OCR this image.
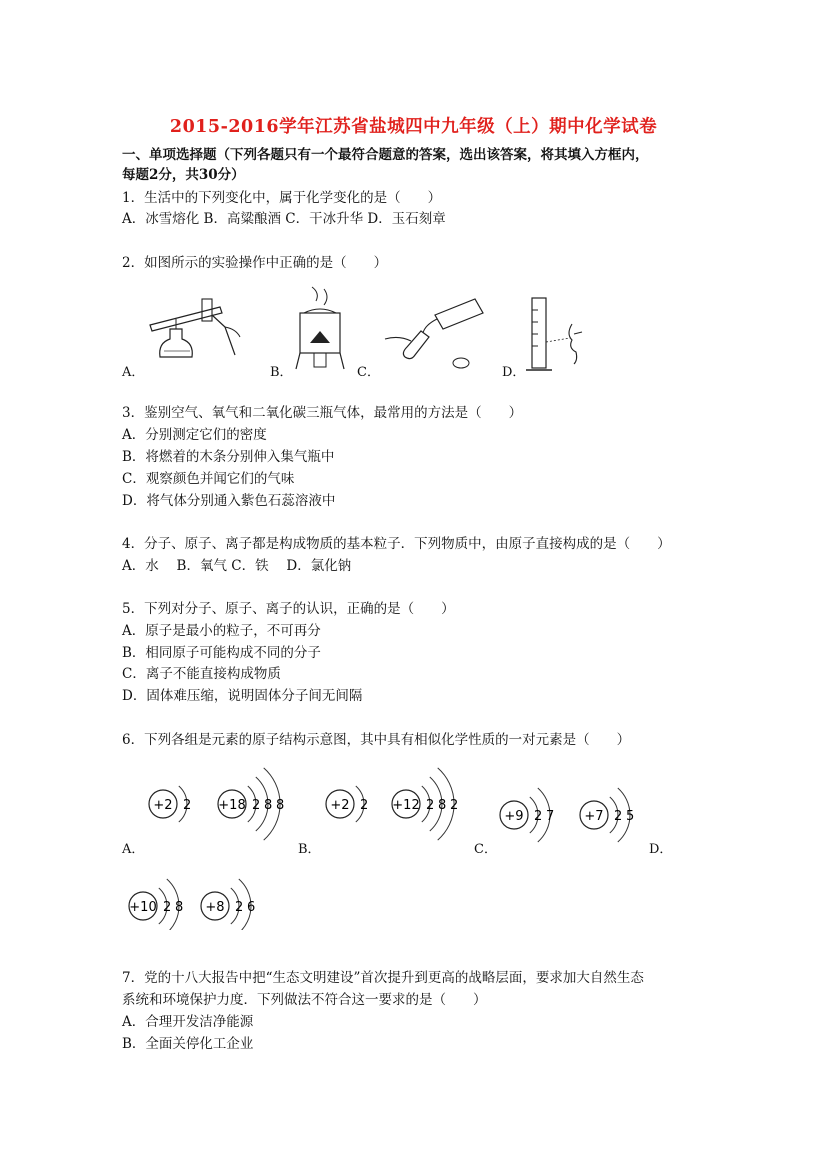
2015-2016学年江苏省盐城四中九年级（上）期中化学试卷
一、单项选择题（下列各题只有一个最符合题意的答案，选出该答案，将其填入方框内，
每题2分，共30分）
1．生活中的下列变化中，属于化学变化的是（　　）
A．冰雪熔化 B．高粱酿酒 C．干冰升华 D．玉石刻章
2．如图所示的实验操作中正确的是（　　）
A．	B．	C．	D．
3．鉴别空气、氧气和二氧化碳三瓶气体，最常用的方法是（　　）
A．分别测定它们的密度
B．将燃着的木条分别伸入集气瓶中
C．观察颜色并闻它们的气味
D．将气体分别通入紫色石蕊溶液中
4．分子、原子、离子都是构成物质的基本粒子．下列物质中，由原子直接构成的是（　　）
A．水　 B．氧气 C．铁　 D．氯化钠
5．下列对分子、原子、离子的认识，正确的是（　　）
A．原子是最小的粒子，不可再分
B．相同原子可能构成不同的分子
C．离子不能直接构成物质
D．固体难压缩，说明固体分子间无间隔
6．下列各组是元素的原子结构示意图，其中具有相似化学性质的一对元素是（　　）
A．	B．	C．	D．
+2 2 +18 2 8 8	+2 2 +12 2 8 2
+9 2 7 +7 2 5
+10 2 8 +8 2 6
7．党的十八大报告中把“生态文明建设”首次提升到更高的战略层面，要求加大自然生态
系统和环境保护力度．下列做法不符合这一要求的是（　　）
A．合理开发洁净能源
B．全面关停化工企业
